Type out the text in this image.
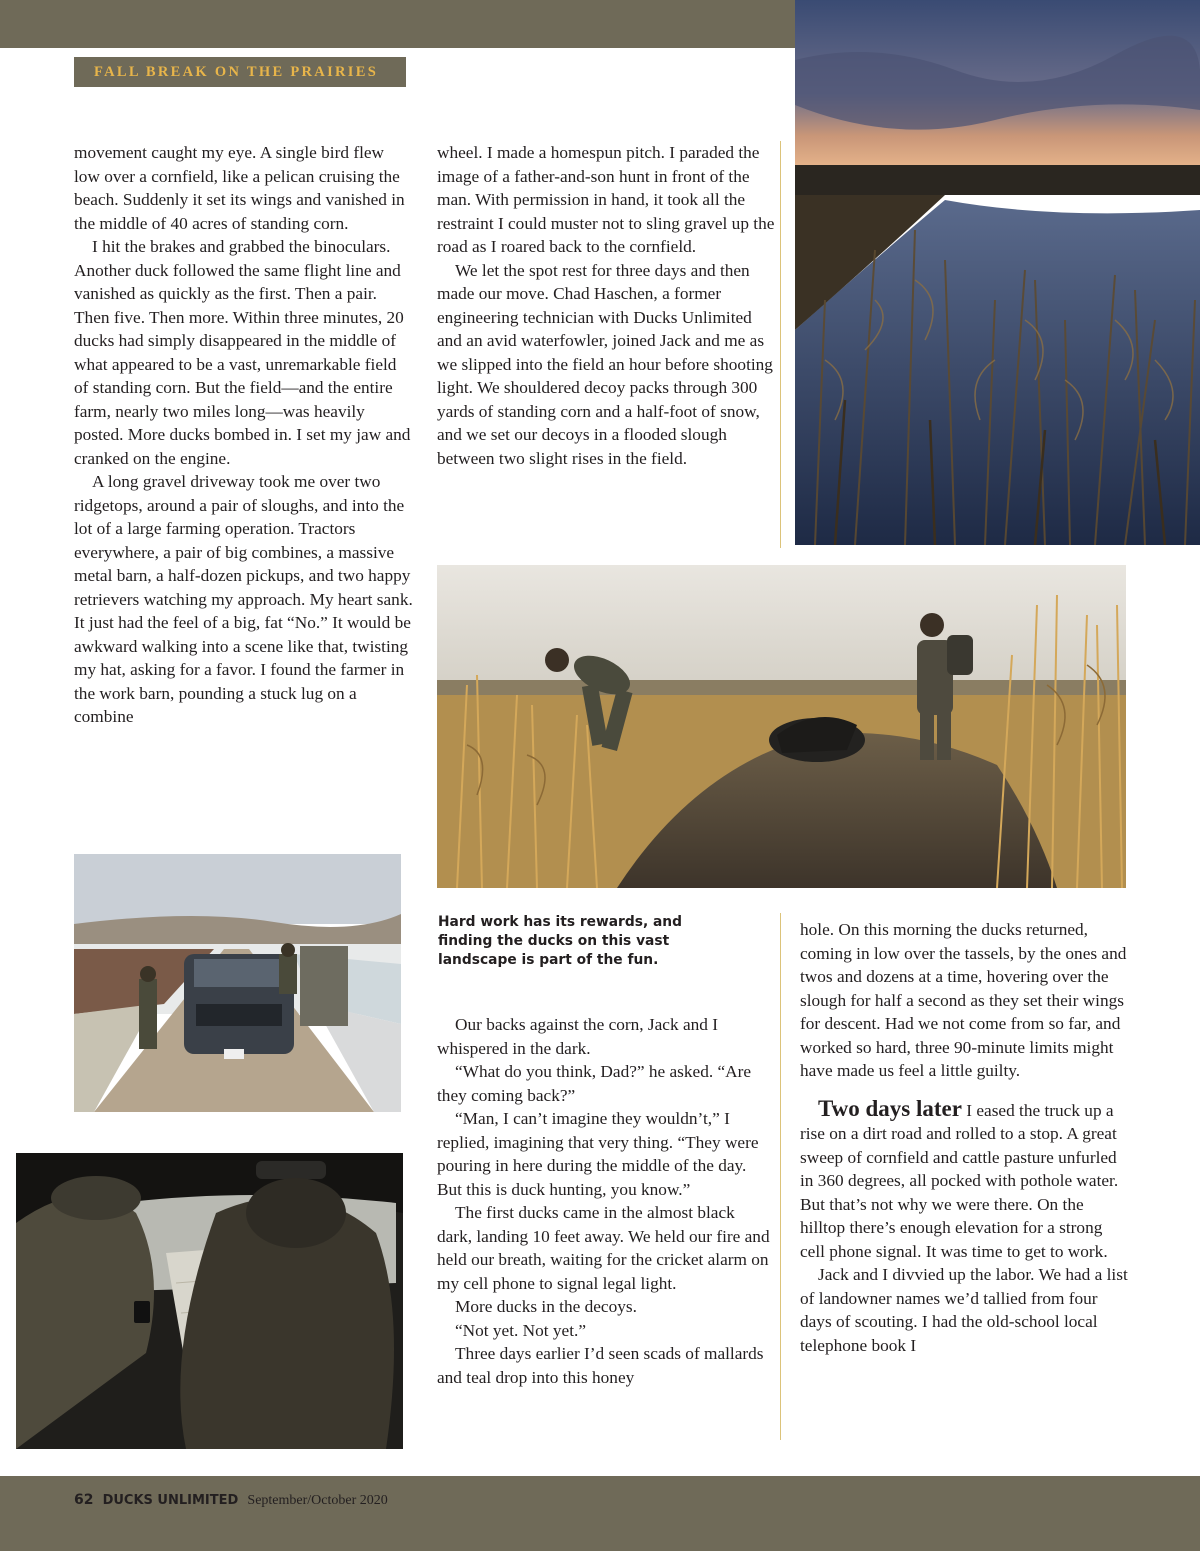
FALL BREAK ON THE PRAIRIES
Hard work has its rewards, and finding the ducks on this vast landscape is part of the fun.

movement caught my eye. A single bird flew low over a cornfield, like a pelican cruising the beach. Suddenly it set its wings and vanished in the middle of 40 acres of standing corn.

I hit the brakes and grabbed the binoculars. Another duck followed the same flight line and vanished as quickly as the first. Then a pair. Then five. Then more. Within three minutes, 20 ducks had simply disappeared in the middle of what appeared to be a vast, unremarkable field of standing corn. But the field—and the entire farm, nearly two miles long—was heavily posted. More ducks bombed in. I set my jaw and cranked on the engine.

A long gravel driveway took me over two ridgetops, around a pair of sloughs, and into the lot of a large farming operation. Tractors everywhere, a pair of big combines, a massive metal barn, a half-dozen pickups, and two happy retrievers watching my approach. My heart sank. It just had the feel of a big, fat “No.” It would be awkward walking into a scene like that, twisting my hat, asking for a favor. I found the farmer in the work barn, pounding a stuck lug on a combine

wheel. I made a homespun pitch. I paraded the image of a father-and-son hunt in front of the man. With permission in hand, it took all the restraint I could muster not to sling gravel up the road as I roared back to the cornfield.

We let the spot rest for three days and then made our move. Chad Haschen, a former engineering technician with Ducks Unlimited and an avid waterfowler, joined Jack and me as we slipped into the field an hour before shooting light. We shouldered decoy packs through 300 yards of standing corn and a half-foot of snow, and we set our decoys in a flooded slough between two slight rises in the field.

Our backs against the corn, Jack and I whispered in the dark.

“What do you think, Dad?” he asked. “Are they coming back?”

“Man, I can’t imagine they wouldn’t,” I replied, imagining that very thing. “They were pouring in here during the middle of the day. But this is duck hunting, you know.”

The first ducks came in the almost black dark, landing 10 feet away. We held our fire and held our breath, waiting for the cricket alarm on my cell phone to signal legal light.

More ducks in the decoys.

“Not yet. Not yet.”

Three days earlier I’d seen scads of mallards and teal drop into this honey

hole. On this morning the ducks returned, coming in low over the tassels, by the ones and twos and dozens at a time, hovering over the slough for half a second as they set their wings for descent. Had we not come from so far, and worked so hard, three 90-minute limits might have made us feel a little guilty.

Two days later I eased the truck up a rise on a dirt road and rolled to a stop. A great sweep of cornfield and cattle pasture unfurled in 360 degrees, all pocked with pothole water. But that’s not why we were there. On the hilltop there’s enough elevation for a strong cell phone signal. It was time to get to work.

Jack and I divvied up the labor. We had a list of landowner names we’d tallied from four days of scouting. I had the old-school local telephone book I

62 DUCKS UNLIMITED September/October 2020
